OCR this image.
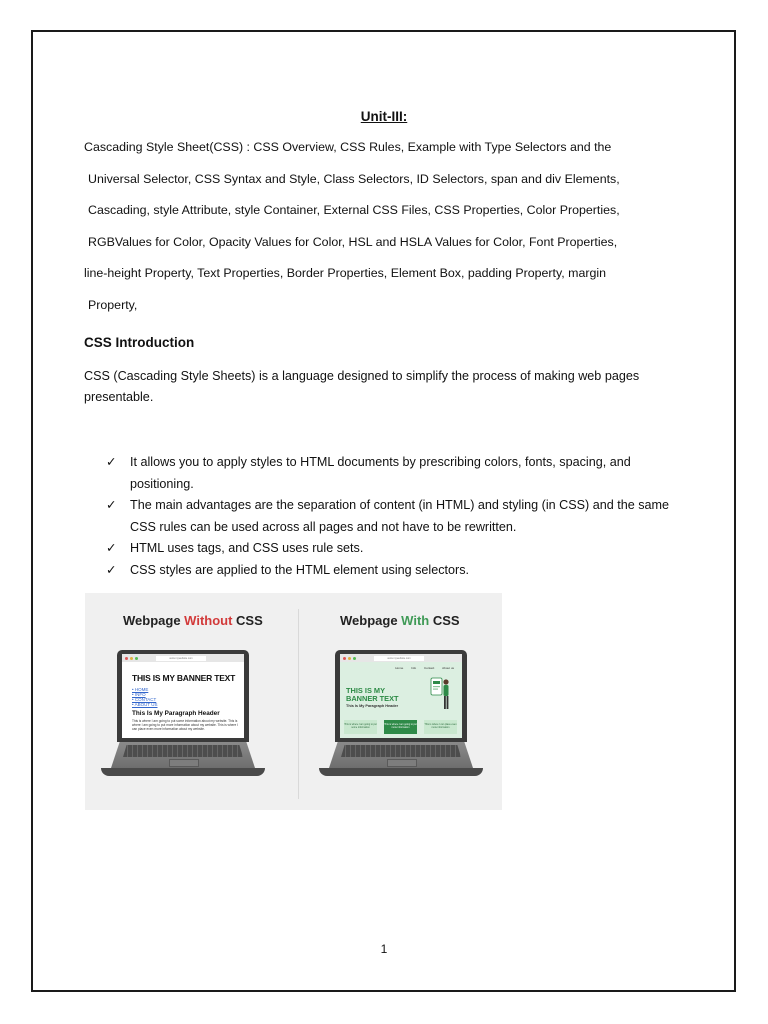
Unit-III:
Cascading Style Sheet(CSS) : CSS Overview, CSS Rules, Example with Type Selectors and the
Universal Selector, CSS Syntax and Style, Class Selectors, ID Selectors, span and div Elements,
Cascading, style Attribute, style Container, External CSS Files, CSS Properties, Color Properties,
RGBValues for Color, Opacity Values for Color, HSL and HSLA Values for Color, Font Properties,
line-height Property, Text Properties, Border Properties, Element Box, padding Property, margin
Property,
CSS Introduction
CSS (Cascading Style Sheets) is a language designed to simplify the process of making web pages presentable.
✓ It allows you to apply styles to HTML documents by prescribing colors, fonts, spacing, and positioning.
✓ The main advantages are the separation of content (in HTML) and styling (in CSS) and the same CSS rules can be used across all pages and not have to be rewritten.
✓ HTML uses tags, and CSS uses rule sets.
✓ CSS styles are applied to the HTML element using selectors.
Webpage Without CSS	Webpage With CSS
www.mywebsite.com
THIS IS MY BANNER TEXT
• HOME
• INFO
• CONTACT
• ABOUT US
This Is My Paragraph Header
This is where I am going to put some information about my website. This is where I am going to put more information about my website. This is where I can place even more information about my website.
www.mywebsite.com
Home	Info	Contact	About us
THIS IS MY
BANNER TEXT
This Is My Paragraph Header
This is where I am going to put some information
This is where I am going to put more information
This is where I can place even more information
1
